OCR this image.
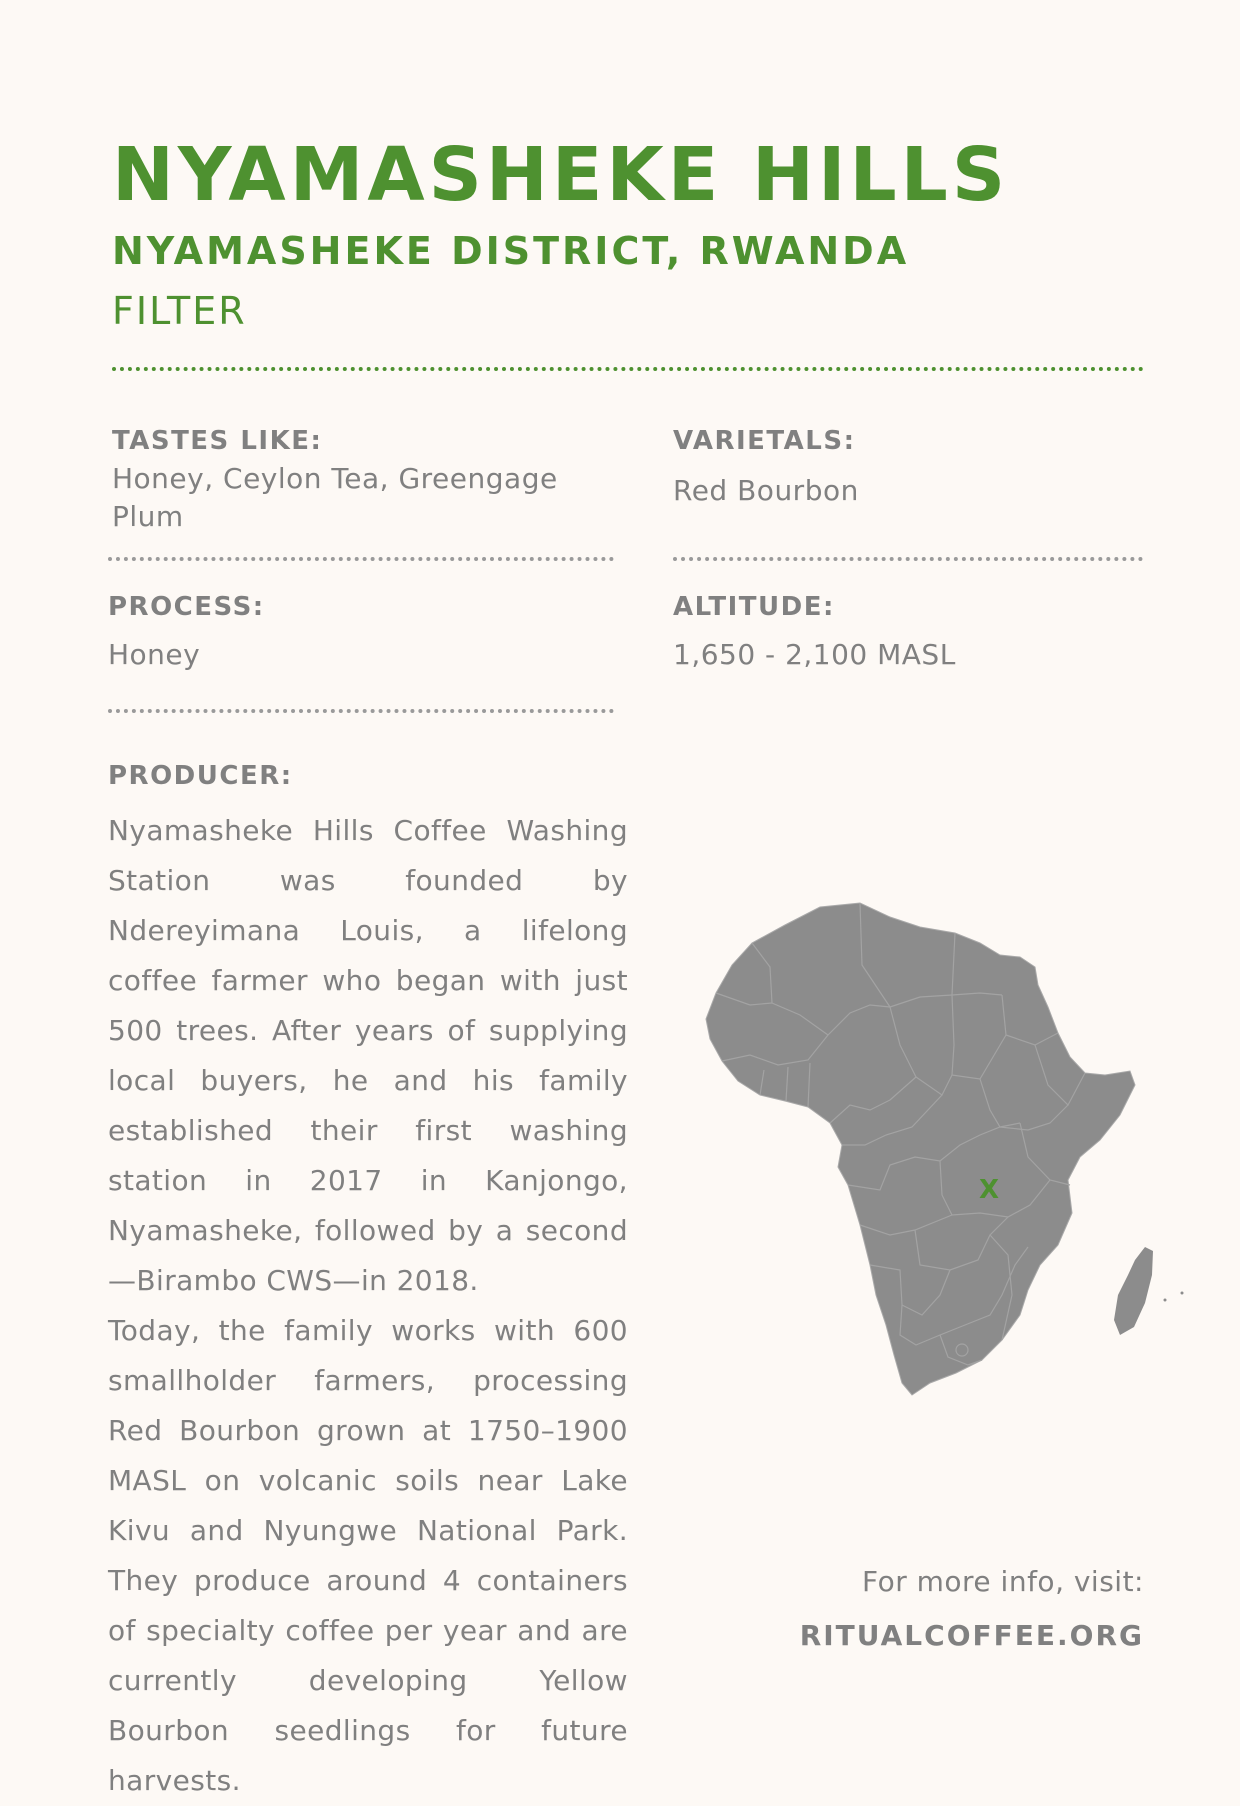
NYAMASHEKE HILLS
NYAMASHEKE DISTRICT, RWANDA
FILTER
TASTES LIKE:
Honey, Ceylon Tea, Greengage Plum
VARIETALS:
Red Bourbon
PROCESS:
Honey
ALTITUDE:
1,650 - 2,100 MASL
PRODUCER:

Nyamasheke Hills Coffee Washing Station was founded by Ndereyimana Louis, a lifelong coffee farmer who began with just 500 trees. After years of supplying local buyers, he and his family established their first washing station in 2017 in Kanjongo, Nyamasheke, followed by a second—Birambo CWS—in 2018.

Today, the family works with 600 smallholder farmers, processing Red Bourbon grown at 1750–1900 MASL on volcanic soils near Lake Kivu and Nyungwe National Park. They produce around 4 containers of specialty coffee per year and are currently developing Yellow Bourbon seedlings for future harvests.

X
For more info, visit:
RITUALCOFFEE.ORG
